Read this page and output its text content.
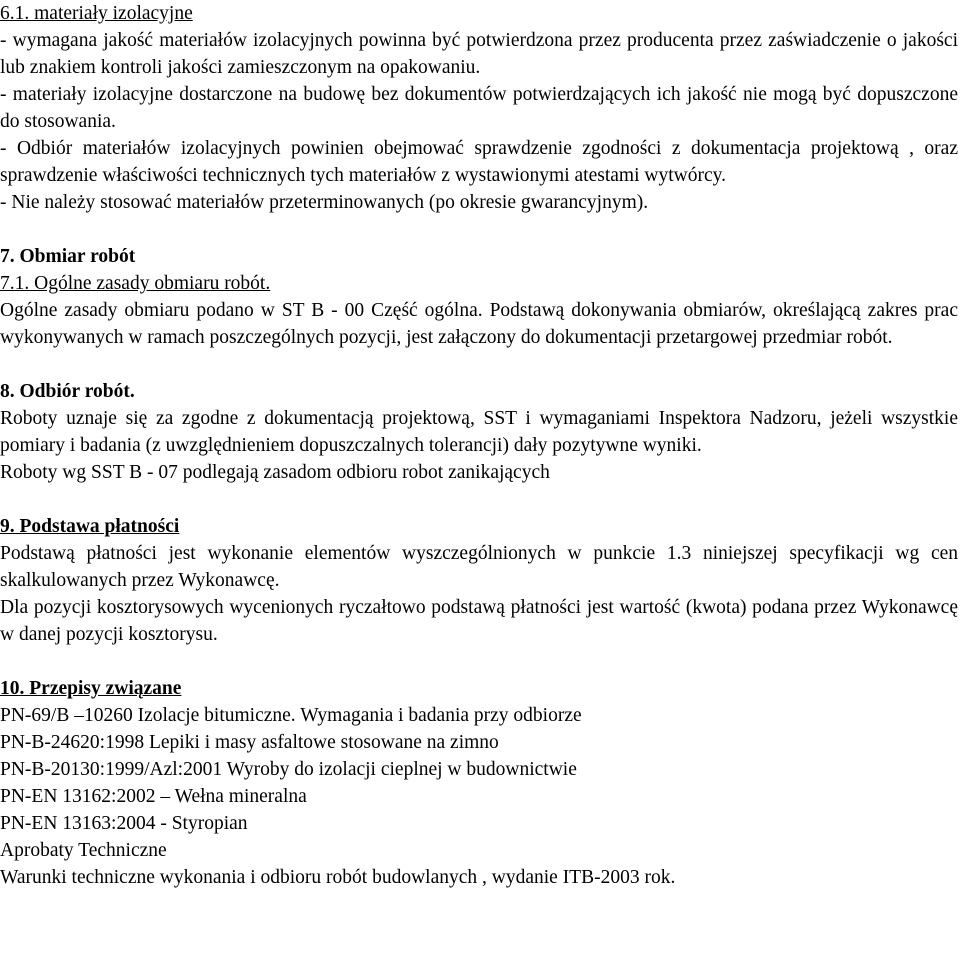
6.1. materiały izolacyjne

- wymagana jakość materiałów izolacyjnych powinna być potwierdzona przez producenta przez zaświadczenie o jakości lub znakiem kontroli jakości zamieszczonym na opakowaniu.

- materiały izolacyjne dostarczone na budowę bez dokumentów potwierdzających ich jakość nie mogą być dopuszczone do stosowania.

- Odbiór materiałów izolacyjnych powinien obejmować sprawdzenie zgodności z dokumentacja projektową , oraz sprawdzenie właściwości technicznych tych materiałów z wystawionymi atestami wytwórcy.

- Nie należy stosować materiałów przeterminowanych (po okresie gwarancyjnym).

7. Obmiar robót
7.1. Ogólne zasady obmiaru robót.

Ogólne zasady obmiaru podano w ST B - 00 Część ogólna. Podstawą dokonywania obmiarów, określającą zakres prac wykonywanych w ramach poszczególnych pozycji, jest załączony do dokumentacji przetargowej przedmiar robót.

8. Odbiór robót.

Roboty uznaje się za zgodne z dokumentacją projektową, SST i wymaganiami Inspektora Nadzoru, jeżeli wszystkie pomiary i badania (z uwzględnieniem dopuszczalnych tolerancji) dały pozytywne wyniki.

Roboty wg SST B - 07 podlegają zasadom odbioru robot zanikających

9. Podstawa płatności

Podstawą płatności jest wykonanie elementów wyszczególnionych w punkcie 1.3 niniejszej specyfikacji wg cen skalkulowanych przez Wykonawcę.

Dla pozycji kosztorysowych wycenionych ryczałtowo podstawą płatności jest wartość (kwota) podana przez Wykonawcę w danej pozycji kosztorysu.

10. Przepisy związane
PN-69/B –10260 Izolacje bitumiczne. Wymagania i badania przy odbiorze
PN-B-24620:1998 Lepiki i masy asfaltowe stosowane na zimno
PN-B-20130:1999/Azl:2001 Wyroby do izolacji cieplnej w budownictwie
PN-EN 13162:2002 – Wełna mineralna
PN-EN 13163:2004 - Styropian
Aprobaty Techniczne
Warunki techniczne wykonania i odbioru robót budowlanych , wydanie ITB-2003 rok.
